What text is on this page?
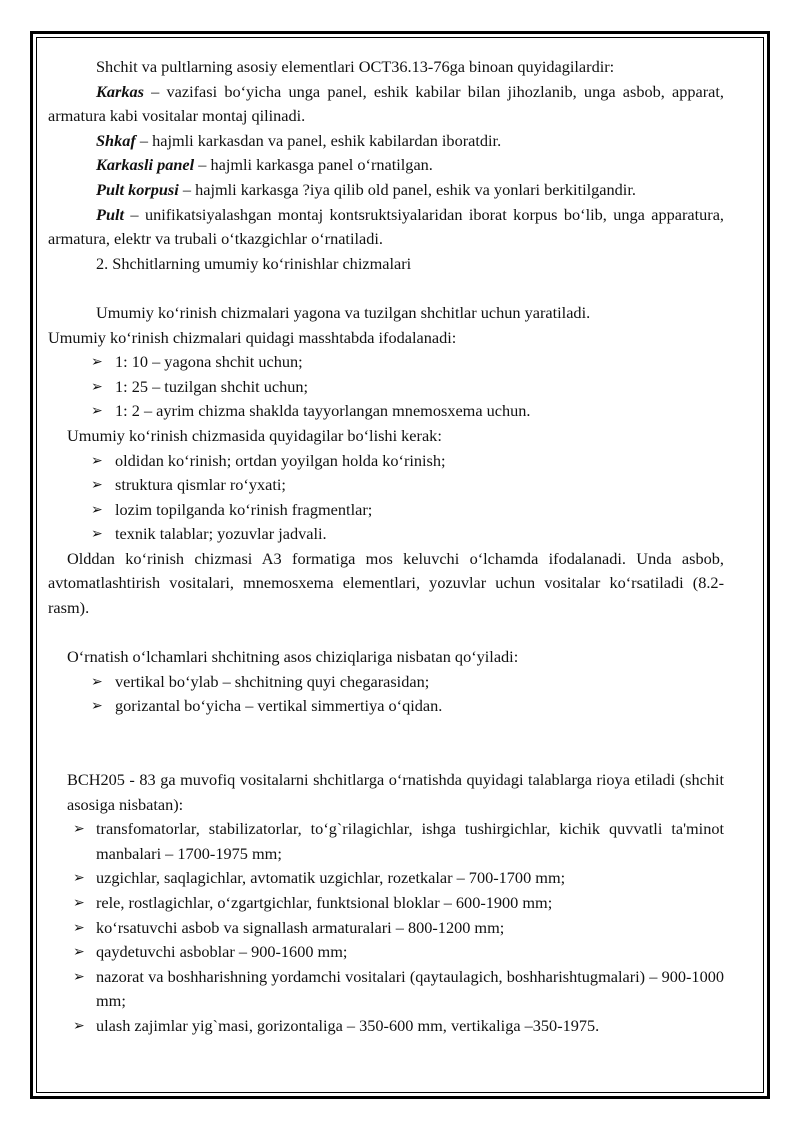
Shchit va pultlarning asosiy elementlari OCT36.13-76ga binoan quyidagilardir:

Karkas – vazifasi bo‘yicha unga panel, eshik kabilar bilan jihozlanib, unga asbob, apparat, armatura kabi vositalar montaj qilinadi.

Shkaf – hajmli karkasdan va panel, eshik kabilardan iboratdir.

Karkasli panel – hajmli karkasga panel o‘rnatilgan.

Pult korpusi – hajmli karkasga ?iya qilib old panel, eshik va yonlari berkitilgandir.

Pult – unifikatsiyalashgan montaj kontsruktsiyalaridan iborat korpus bo‘lib, unga apparatura, armatura, elektr va trubali o‘tkazgichlar o‘rnatiladi.

2. Shchitlarning umumiy ko‘rinishlar chizmalari

Umumiy ko‘rinish chizmalari yagona va tuzilgan shchitlar uchun yaratiladi.

Umumiy ko‘rinish chizmalari quidagi masshtabda ifodalanadi:

➢ 1: 10 – yagona shchit uchun;
➢ 1: 25 – tuzilgan shchit uchun;
➢ 1: 2 – ayrim chizma shaklda tayyorlangan mnemosxema uchun.

Umumiy ko‘rinish chizmasida quyidagilar bo‘lishi kerak:

➢ oldidan ko‘rinish; ortdan yoyilgan holda ko‘rinish;
➢ struktura qismlar ro‘yxati;
➢ lozim topilganda ko‘rinish fragmentlar;
➢ texnik talablar; yozuvlar jadvali.

Olddan ko‘rinish chizmasi A3 formatiga mos keluvchi o‘lchamda ifodalanadi. Unda asbob, avtomatlashtirish vositalari, mnemosxema elementlari, yozuvlar uchun vositalar ko‘rsatiladi (8.2-rasm).

O‘rnatish o‘lchamlari shchitning asos chiziqlariga nisbatan qo‘yiladi:

➢ vertikal bo‘ylab – shchitning quyi chegarasidan;
➢ gorizantal bo‘yicha – vertikal simmertiya o‘qidan.

BCH205 - 83 ga muvofiq vositalarni shchitlarga o‘rnatishda quyidagi talablarga rioya etiladi (shchit asosiga nisbatan):

➢ transfomatorlar, stabilizatorlar, to‘g`rilagichlar, ishga tushirgichlar, kichik quvvatli ta'minot manbalari – 1700-1975 mm;
➢ uzgichlar, saqlagichlar, avtomatik uzgichlar, rozetkalar – 700-1700 mm;
➢ rele, rostlagichlar, o‘zgartgichlar, funktsional bloklar – 600-1900 mm;
➢ ko‘rsatuvchi asbob va signallash armaturalari – 800-1200 mm;
➢ qaydetuvchi asboblar – 900-1600 mm;
➢ nazorat va boshharishning yordamchi vositalari (qaytaulagich, boshharishtugmalari) – 900-1000 mm;
➢ ulash zajimlar yig`masi, gorizontaliga – 350-600 mm, vertikaliga –350-1975.
